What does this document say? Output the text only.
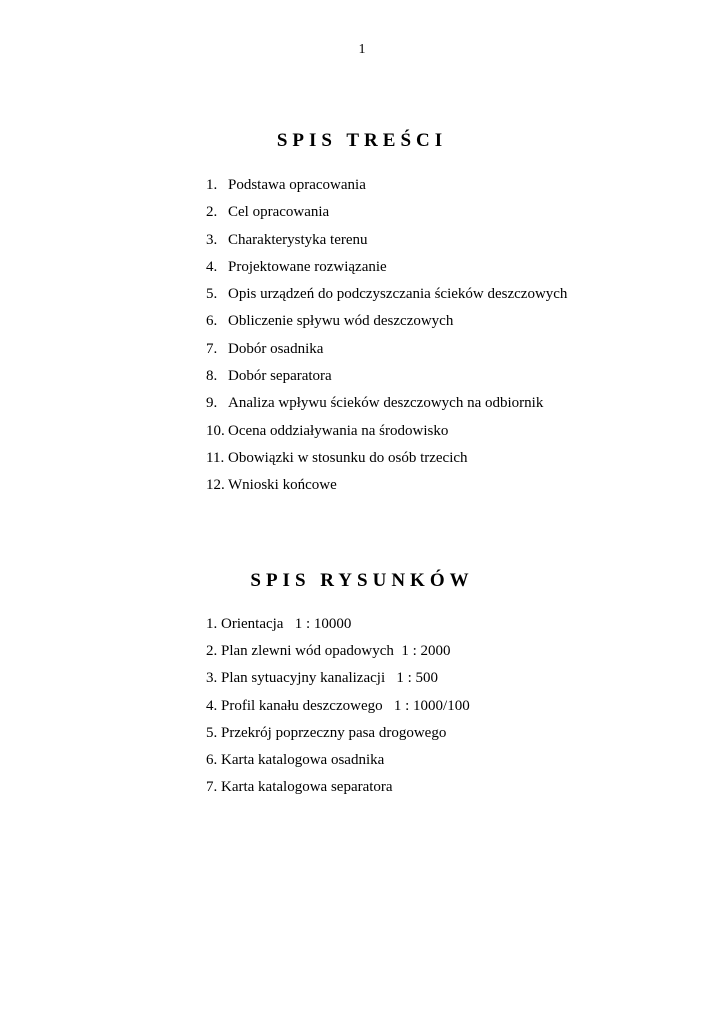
1
SPIS TREŚCI
1. Podstawa opracowania
2. Cel opracowania
3. Charakterystyka terenu
4. Projektowane rozwiązanie
5. Opis urządzeń do podczyszczania ścieków deszczowych
6. Obliczenie spływu wód deszczowych
7. Dobór osadnika
8. Dobór separatora
9. Analiza wpływu ścieków deszczowych na odbiornik
10. Ocena oddziaływania na środowisko
11. Obowiązki w stosunku do osób trzecich
12. Wnioski końcowe
SPIS RYSUNKÓW
1. Orientacja   1 : 10000
2. Plan zlewni wód opadowych  1 : 2000
3. Plan sytuacyjny kanalizacji   1 : 500
4. Profil kanału deszczowego   1 : 1000/100
5. Przekrój poprzeczny pasa drogowego
6. Karta katalogowa osadnika
7. Karta katalogowa separatora
